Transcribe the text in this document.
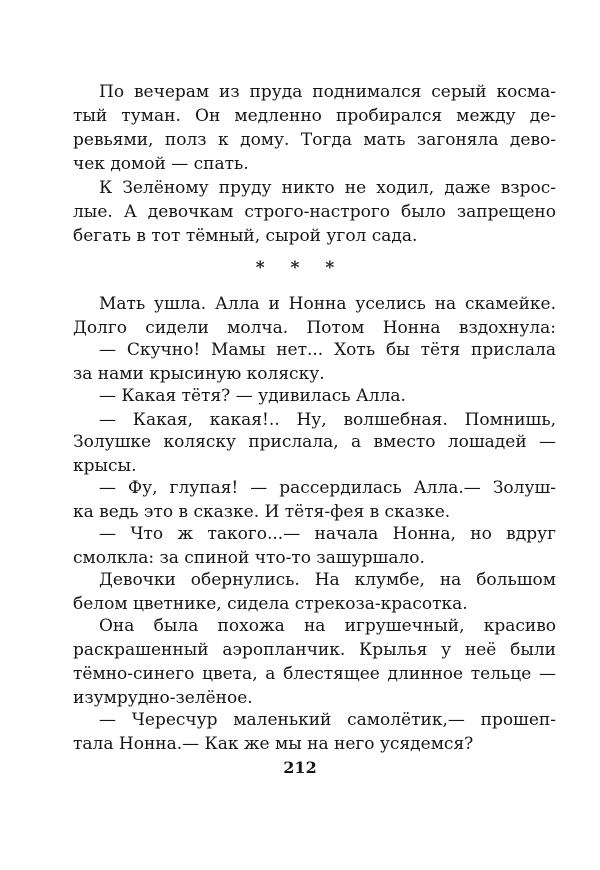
По вечерам из пруда поднимался серый косма-
тый туман. Он медленно пробирался между де-
ревьями, полз к дому. Тогда мать загоняла дево-
чек домой — спать.
К Зелёному пруду никто не ходил, даже взрос-
лые. А девочкам строго-настрого было запрещено
бегать в тот тёмный, сырой угол сада.
Мать ушла. Алла и Нонна уселись на скамейке.
Долго сидели молча. Потом Нонна вздохнула:
— Скучно! Мамы нет... Хоть бы тётя прислала
за нами крысиную коляску.
— Какая тётя? — удивилась Алла.
— Какая, какая!.. Ну, волшебная. Помнишь,
Золушке коляску прислала, а вместо лошадей —
крысы.
— Фу, глупая! — рассердилась Алла.— Золуш-
ка ведь это в сказке. И тётя-фея в сказке.
— Что ж такого...— начала Нонна, но вдруг
смолкла: за спиной что-то зашуршало.
Девочки обернулись. На клумбе, на большом
белом цветнике, сидела стрекоза-красотка.
Она была похожа на игрушечный, красиво
раскрашенный аэропланчик. Крылья у неё были
тёмно-синего цвета, а блестящее длинное тельце —
изумрудно-зелёное.
— Чересчур маленький самолётик,— прошеп-
тала Нонна.— Как же мы на него усядемся?
* * *
212
